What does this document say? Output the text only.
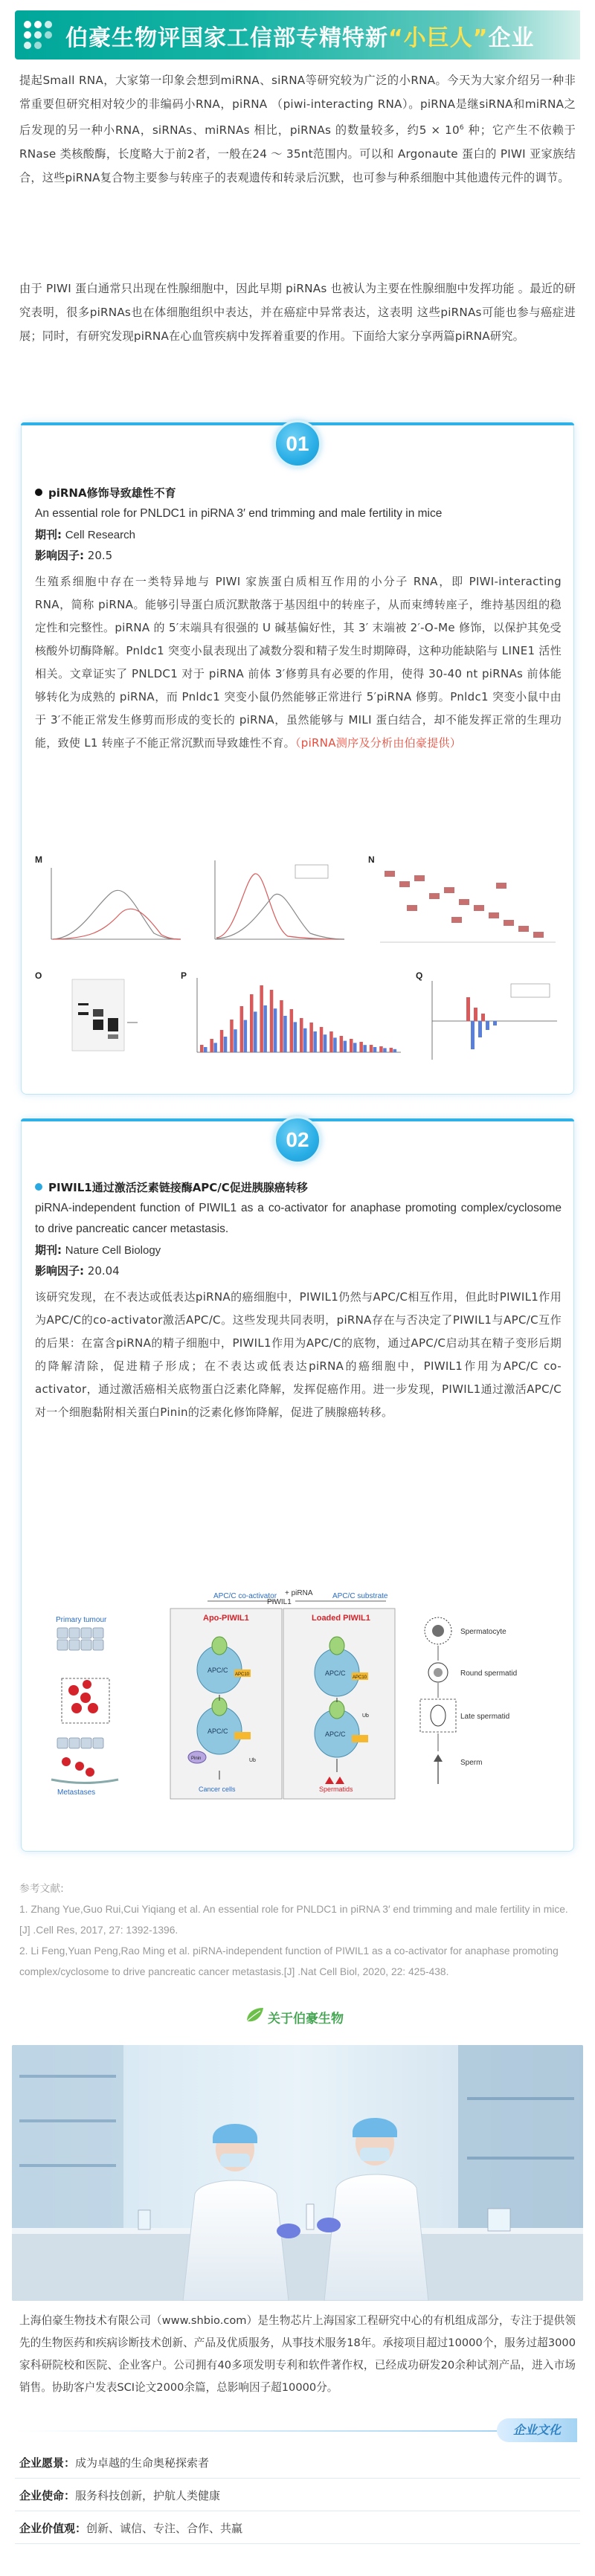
伯豪生物评国家工信部专精特新“小巨人”企业

提起Small RNA，大家第一印象会想到miRNA、siRNA等研究较为广泛的小RNA。今天为大家介绍另一种非常重要但研究相对较少的非编码小RNA，piRNA （piwi-interacting RNA）。piRNA是继siRNA和miRNA之后发现的另一种小RNA，siRNAs、miRNAs 相比，piRNAs 的数量较多，约$5 \times 10^6$ 种；它产生不依赖于RNase 类核酸酶，长度略大于前2者，一般在24 ～ 35nt范围内。可以和 Argonaute 蛋白的 PIWI 亚家族结合，这些piRNA复合物主要参与转座子的表观遗传和转录后沉默，也可参与种系细胞中其他遗传元件的调节。

由于 PIWI 蛋白通常只出现在性腺细胞中，因此早期 piRNAs 也被认为主要在性腺细胞中发挥功能 。最近的研究表明，很多piRNAs也在体细胞组织中表达，并在癌症中异常表达，这表明 这些piRNAs可能也参与癌症进展；同时，有研究发现piRNA在心血管疾病中发挥着重要的作用。下面给大家分享两篇piRNA研究。

01
piRNA修饰导致雄性不育
An essential role for PNLDC1 in piRNA 3′ end trimming and male fertility in mice
期刊: Cell Research
影响因子: 20.5
生殖系细胞中存在一类特异地与 PIWI 家族蛋白质相互作用的小分子 RNA，即 PIWI-interacting RNA，简称 piRNA。能够引导蛋白质沉默散落于基因组中的转座子，从而束缚转座子，维持基因组的稳定性和完整性。piRNA 的 5′末端具有很强的 U 碱基偏好性，其 3′ 末端被 2′-O-Me 修饰，以保护其免受核酸外切酶降解。Pnldc1 突变小鼠表现出了减数分裂和精子发生时期障碍，这种功能缺陷与 LINE1 活性相关。文章证实了 PNLDC1 对于 piRNA 前体 3′修剪具有必要的作用，使得 30-40 nt piRNAs 前体能够转化为成熟的 piRNA，而 Pnldc1 突变小鼠仍然能够正常进行 5′piRNA 修剪。Pnldc1 突变小鼠中由于 3′不能正常发生修剪而形成的变长的 piRNA，虽然能够与 MILI 蛋白结合，却不能发挥正常的生理功能，致使 L1 转座子不能正常沉默而导致雄性不育。（piRNA测序及分析由伯豪提供）
M	N
O	P	Q
02
PIWIL1通过激活泛素链接酶APC/C促进胰腺癌转移
piRNA-independent function of PIWIL1 as a co-activator for anaphase promoting complex/cyclosome to drive pancreatic cancer metastasis.
期刊: Nature Cell Biology
影响因子: 20.04
该研究发现，在不表达或低表达piRNA的癌细胞中，PIWIL1仍然与APC/C相互作用，但此时PIWIL1作用为APC/C的co-activator激活APC/C。这些发现共同表明，piRNA存在与否决定了PIWIL1与APC/C互作的后果：在富含piRNA的精子细胞中，PIWIL1作用为APC/C的底物，通过APC/C启动其在精子变形后期的降解清除，促进精子形成；在不表达或低表达piRNA的癌细胞中，PIWIL1作用为APC/C co-activator，通过激活癌相关底物蛋白泛素化降解，发挥促癌作用。进一步发现，PIWIL1通过激活APC/C对一个细胞黏附相关蛋白Pinin的泛素化修饰降解，促进了胰腺癌转移。
APC/C co-activator + piRNA
PIWIL1
APC/C substrate
Primary tumour
Metastases
Apo-PIWIL1	Loaded PIWIL1
APC/C
APC10
APC/C
Pinin	Ub
Cancer cells
APC/C
APC10
APC/C
Ub
Spermatids
Spermatocyte
Round spermatid
Late spermatid
Sperm
参考文献:
1. Zhang Yue,Guo Rui,Cui Yiqiang et al. An essential role for PNLDC1 in piRNA 3′ end trimming and male fertility in mice.[J] .Cell Res, 2017, 27: 1392-1396.
2. Li Feng,Yuan Peng,Rao Ming et al. piRNA-independent function of PIWIL1 as a co-activator for anaphase promoting complex/cyclosome to drive pancreatic cancer metastasis.[J] .Nat Cell Biol, 2020, 22: 425-438.
关于伯豪生物

上海伯豪生物技术有限公司（www.shbio.com）是生物芯片上海国家工程研究中心的有机组成部分，专注于提供领先的生物医药和疾病诊断技术创新、产品及优质服务，从事技术服务18年。承接项目超过10000个，服务过超3000家科研院校和医院、企业客户。公司拥有40多项发明专利和软件著作权，已经成功研发20余种试剂产品，进入市场销售。协助客户发表SCI论文2000余篇，总影响因子超10000分。

企业文化
企业愿景：成为卓越的生命奥秘探索者
企业使命：服务科技创新，护航人类健康
企业价值观：创新、诚信、专注、合作、共赢
